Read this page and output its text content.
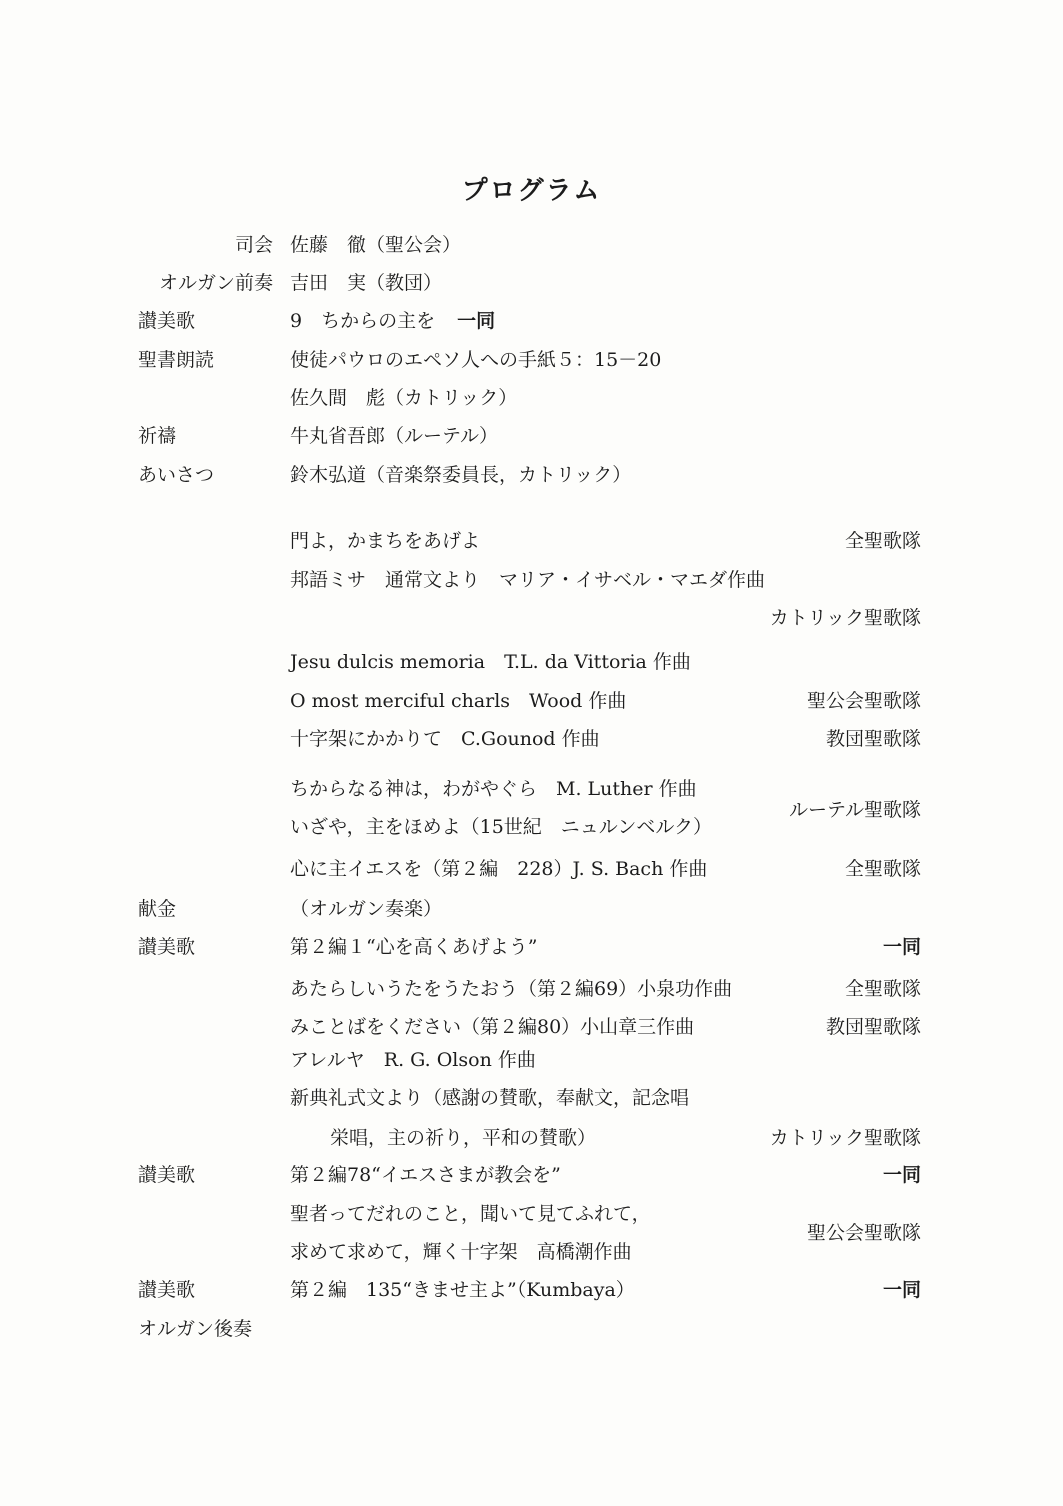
プログラム
司会 佐藤　徹（聖公会）
オルガン前奏 吉田　実（教団）
讃美歌	9　ちからの主を 一同
聖書朗読	使徒パウロのエペソ人への手紙５：15－20
佐久間　彪（カトリック）
祈禱	牛丸省吾郎（ルーテル）
あいさつ	鈴木弘道（音楽祭委員長，カトリック）
門よ，かまちをあげよ	全聖歌隊
邦語ミサ　通常文より　マリア・イサベル・マエダ作曲
カトリック聖歌隊
Jesu dulcis memoria　T.L. da Vittoria 作曲
O most merciful charls　Wood 作曲	聖公会聖歌隊
十字架にかかりて　C.Gounod 作曲	教団聖歌隊
ちからなる神は，わがやぐら　M. Luther 作曲
いざや，主をほめよ（15世紀　ニュルンベルク）
ルーテル聖歌隊
心に主イエスを（第２編　228）J. S. Bach 作曲	全聖歌隊
献金	（オルガン奏楽）
讃美歌	第２編１“心を高くあげよう”	一同
あたらしいうたをうたおう（第２編69）小泉功作曲	全聖歌隊
みことばをください（第２編80）小山章三作曲	教団聖歌隊
アレルヤ　R. G. Olson 作曲
新典礼式文より（感謝の賛歌，奉献文，記念唱
栄唱，主の祈り，平和の賛歌）	カトリック聖歌隊
讃美歌	第２編78“イエスさまが教会を”	一同
聖者ってだれのこと，聞いて見てふれて，
求めて求めて，輝く十字架　高橋潮作曲
聖公会聖歌隊
讃美歌	第２編　135“きませ主よ”（Kumbaya）	一同
オルガン後奏
